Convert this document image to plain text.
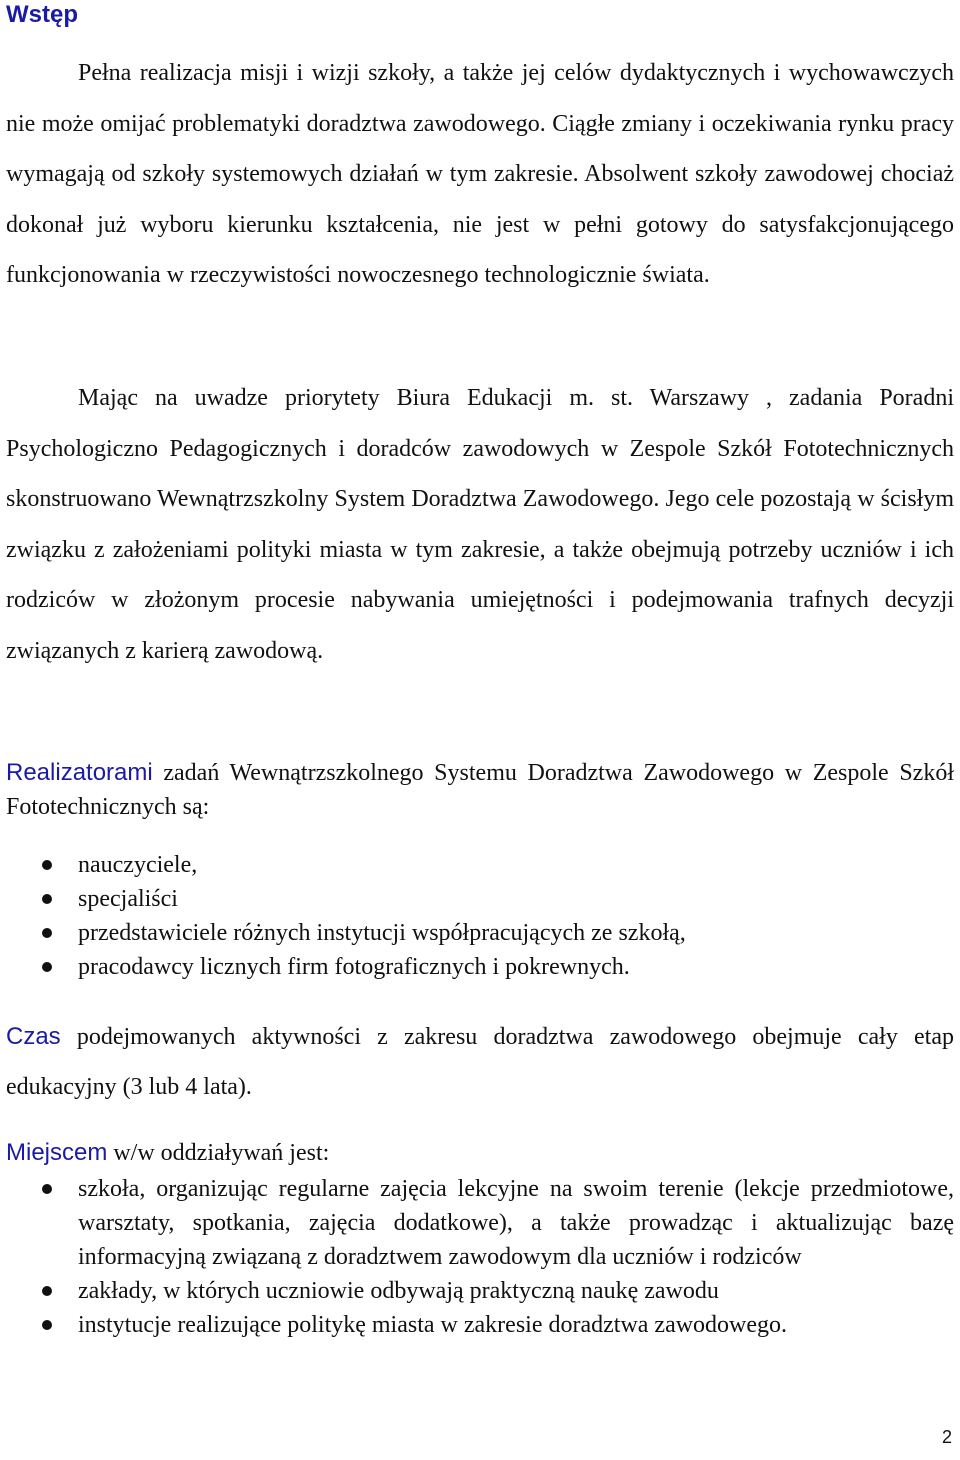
Wstęp

Pełna realizacja misji i wizji szkoły, a także jej celów dydaktycznych i wychowawczych nie może omijać problematyki doradztwa zawodowego. Ciągłe zmiany i oczekiwania rynku pracy wymagają od szkoły systemowych działań w tym zakresie. Absolwent szkoły zawodowej chociaż dokonał już wyboru kierunku kształcenia, nie jest w pełni gotowy do satysfakcjonującego funkcjonowania w rzeczywistości nowoczesnego technologicznie świata.

Mając na uwadze priorytety Biura Edukacji m. st. Warszawy , zadania Poradni Psychologiczno Pedagogicznych i doradców zawodowych w Zespole Szkół Fototechnicznych skonstruowano Wewnątrzszkolny System Doradztwa Zawodowego. Jego cele pozostają w ścisłym związku z założeniami polityki miasta w tym zakresie, a także obejmują potrzeby uczniów i ich rodziców w złożonym procesie nabywania umiejętności i podejmowania trafnych decyzji związanych z karierą zawodową.

Realizatorami zadań Wewnątrzszkolnego Systemu Doradztwa Zawodowego w Zespole Szkół Fototechnicznych są:

nauczyciele,
specjaliści
przedstawiciele różnych instytucji współpracujących ze szkołą,
pracodawcy licznych firm fotograficznych i pokrewnych.

Czas podejmowanych aktywności z zakresu doradztwa zawodowego obejmuje cały etap edukacyjny (3 lub 4 lata).

Miejscem w/w oddziaływań jest:

szkoła, organizując regularne zajęcia lekcyjne na swoim terenie (lekcje przedmiotowe, warsztaty, spotkania, zajęcia dodatkowe), a także prowadząc i aktualizując bazę informacyjną związaną z doradztwem zawodowym dla uczniów i rodziców
zakłady, w których uczniowie odbywają praktyczną naukę zawodu
instytucje realizujące politykę miasta w zakresie doradztwa zawodowego.
2
